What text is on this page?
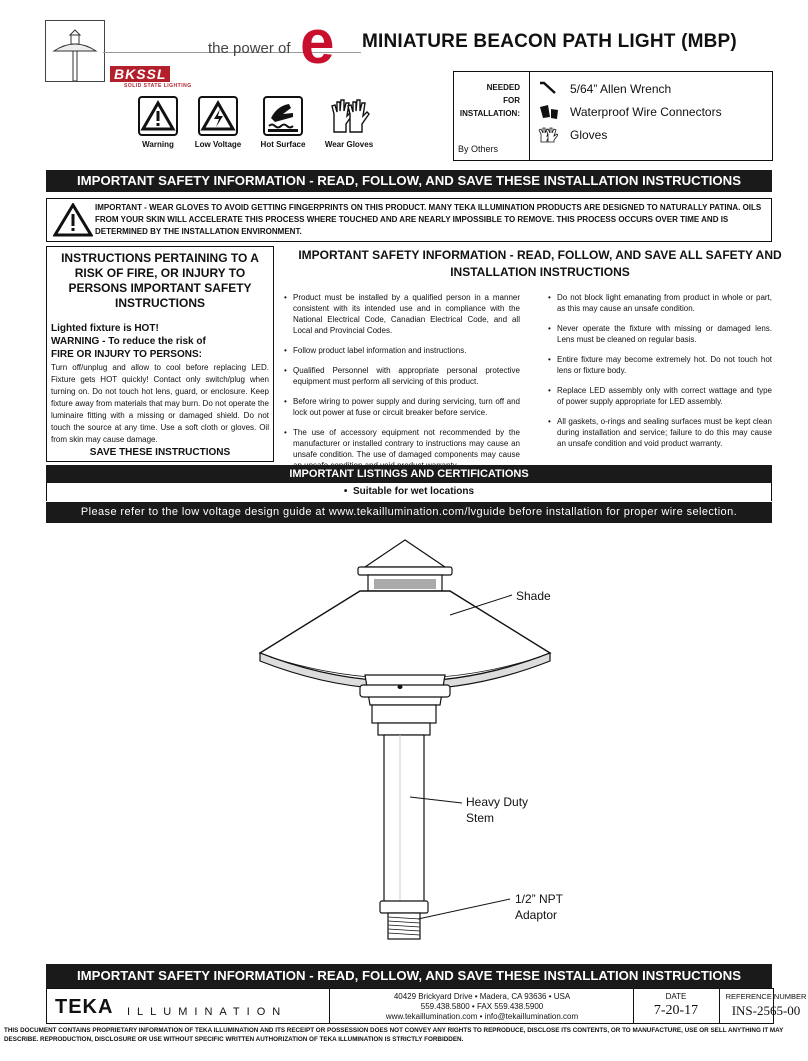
the power of e MINIATURE BEACON PATH LIGHT (MBP)
BKSSL
SOLID STATE LIGHTING
Warning	Low Voltage	Hot Surface	Wear Gloves
NEEDED
FOR
INSTALLATION:
By Others
5/64” Allen Wrench
Waterproof Wire Connectors
Gloves
IMPORTANT SAFETY INFORMATION - READ, FOLLOW, AND SAVE THESE INSTALLATION INSTRUCTIONS
IMPORTANT - WEAR GLOVES TO AVOID GETTING FINGERPRINTS ON THIS PRODUCT. MANY TEKA ILLUMINATION PRODUCTS ARE DESIGNED TO NATURALLY PATINA. OILS FROM YOUR SKIN WILL ACCELERATE THIS PROCESS WHERE TOUCHED AND ARE NEARLY IMPOSSIBLE TO REMOVE. THIS PROCESS OCCURS OVER TIME AND IS DETERMINED BY THE INSTALLATION ENVIRONMENT.
INSTRUCTIONS PERTAINING TO A RISK OF FIRE, OR INJURY TO PERSONS IMPORTANT SAFETY INSTRUCTIONS
Lighted fixture is HOT!
WARNING - To reduce the risk of
FIRE OR INJURY TO PERSONS:
Turn off/unplug and allow to cool before replacing LED. Fixture gets HOT quickly! Contact only switch/plug when turning on. Do not touch hot lens, guard, or enclosure. Keep fixture away from materials that may burn. Do not operate the luminaire fitting with a missing or damaged shield. Do not touch the source at any time. Use a soft cloth or gloves. Oil from skin may cause damage.
SAVE THESE INSTRUCTIONS
IMPORTANT SAFETY INFORMATION - READ, FOLLOW, AND SAVE ALL SAFETY AND INSTALLATION INSTRUCTIONS
• Product must be installed by a qualified person in a manner consistent with its intended use and in compliance with the National Electrical Code, Canadian Electrical Code, and all Local and Provincial Codes.
• Follow product label information and instructions.
• Qualified Personnel with appropriate personal protective equipment must perform all servicing of this product.
• Before wiring to power supply and during servicing, turn off and lock out power at fuse or circuit breaker before service.
• The use of accessory equipment not recommended by the manufacturer or installed contrary to instructions may cause an unsafe condition. The use of damaged components may cause
• Do not block light emanating from product in whole or part, as this may cause an unsafe condition.
• Never operate the fixture with missing or damaged lens. Lens must be cleaned on regular basis.
• Entire fixture may become extremely hot. Do not touch hot lens or fixture body.
• Replace LED assembly only with correct wattage and type of power supply appropriate for LED assembly.
• All gaskets, o-rings and sealing surfaces must be kept clean during installation and service; failure to do this may cause an unsafe condition and void product warranty.
IMPORTANT LISTINGS AND CERTIFICATIONS
•  Suitable for wet locations
Please refer to the low voltage design guide at www.tekaillumination.com/lvguide before installation for proper wire selection.
Shade
Heavy Duty
Stem
1/2” NPT
Adaptor
IMPORTANT SAFETY INFORMATION - READ, FOLLOW, AND SAVE THESE INSTALLATION INSTRUCTIONS
TEKA ILLUMINATION
40429 Brickyard Drive • Madera, CA 93636 • USA
559.438.5800 • FAX 559.438.5900
www.tekaillumination.com • info@tekaillumination.com
DATE
7-20-17
REFERENCE NUMBER
INS-2565-00
THIS DOCUMENT CONTAINS PROPRIETARY INFORMATION OF TEKA ILLUMINATION AND ITS RECEIPT OR POSSESSION DOES NOT CONVEY ANY RIGHTS TO REPRODUCE, DISCLOSE ITS CONTENTS, OR TO MANUFACTURE, USE OR SELL ANYTHING IT MAY DESCRIBE. REPRODUCTION, DISCLOSURE OR USE WITHOUT SPECIFIC WRITTEN AUTHORIZATION OF TEKA ILLUMINATION IS STRICTLY FORBIDDEN.
